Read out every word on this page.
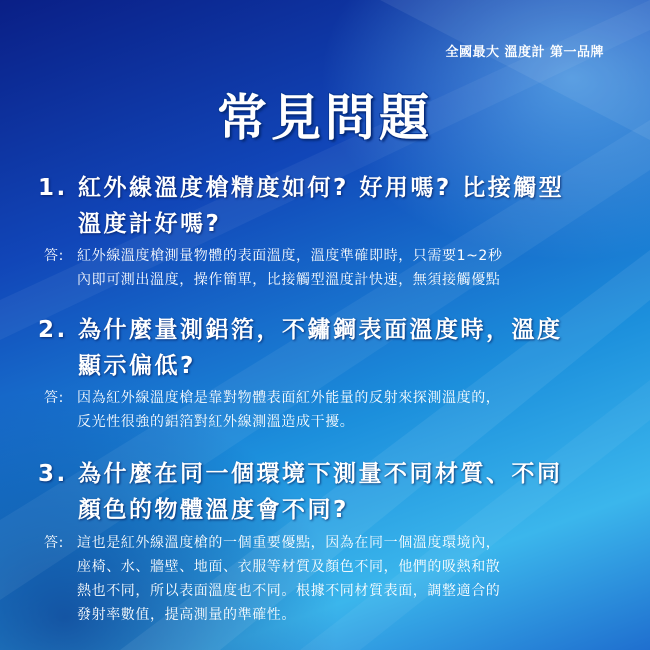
全國最大 溫度計 第一品牌
常見問題
1. 紅外線溫度槍精度如何? 好用嗎? 比接觸型
溫度計好嗎?
答: 紅外線溫度槍測量物體的表面溫度，溫度準確即時，只需要1~2秒
內即可測出溫度，操作簡單，比接觸型溫度計快速，無須接觸優點
2. 為什麼量測鋁箔，不鏽鋼表面溫度時，溫度
顯示偏低?
答: 因為紅外線溫度槍是靠對物體表面紅外能量的反射來探測溫度的，
反光性很強的鋁箔對紅外線測溫造成干擾。
3. 為什麼在同一個環境下測量不同材質、不同
顏色的物體溫度會不同?
答: 這也是紅外線溫度槍的一個重要優點，因為在同一個溫度環境內，
座椅、水、牆壁、地面、衣服等材質及顏色不同，他們的吸熱和散
熱也不同，所以表面溫度也不同。根據不同材質表面，調整適合的
發射率數值，提高測量的準確性。
